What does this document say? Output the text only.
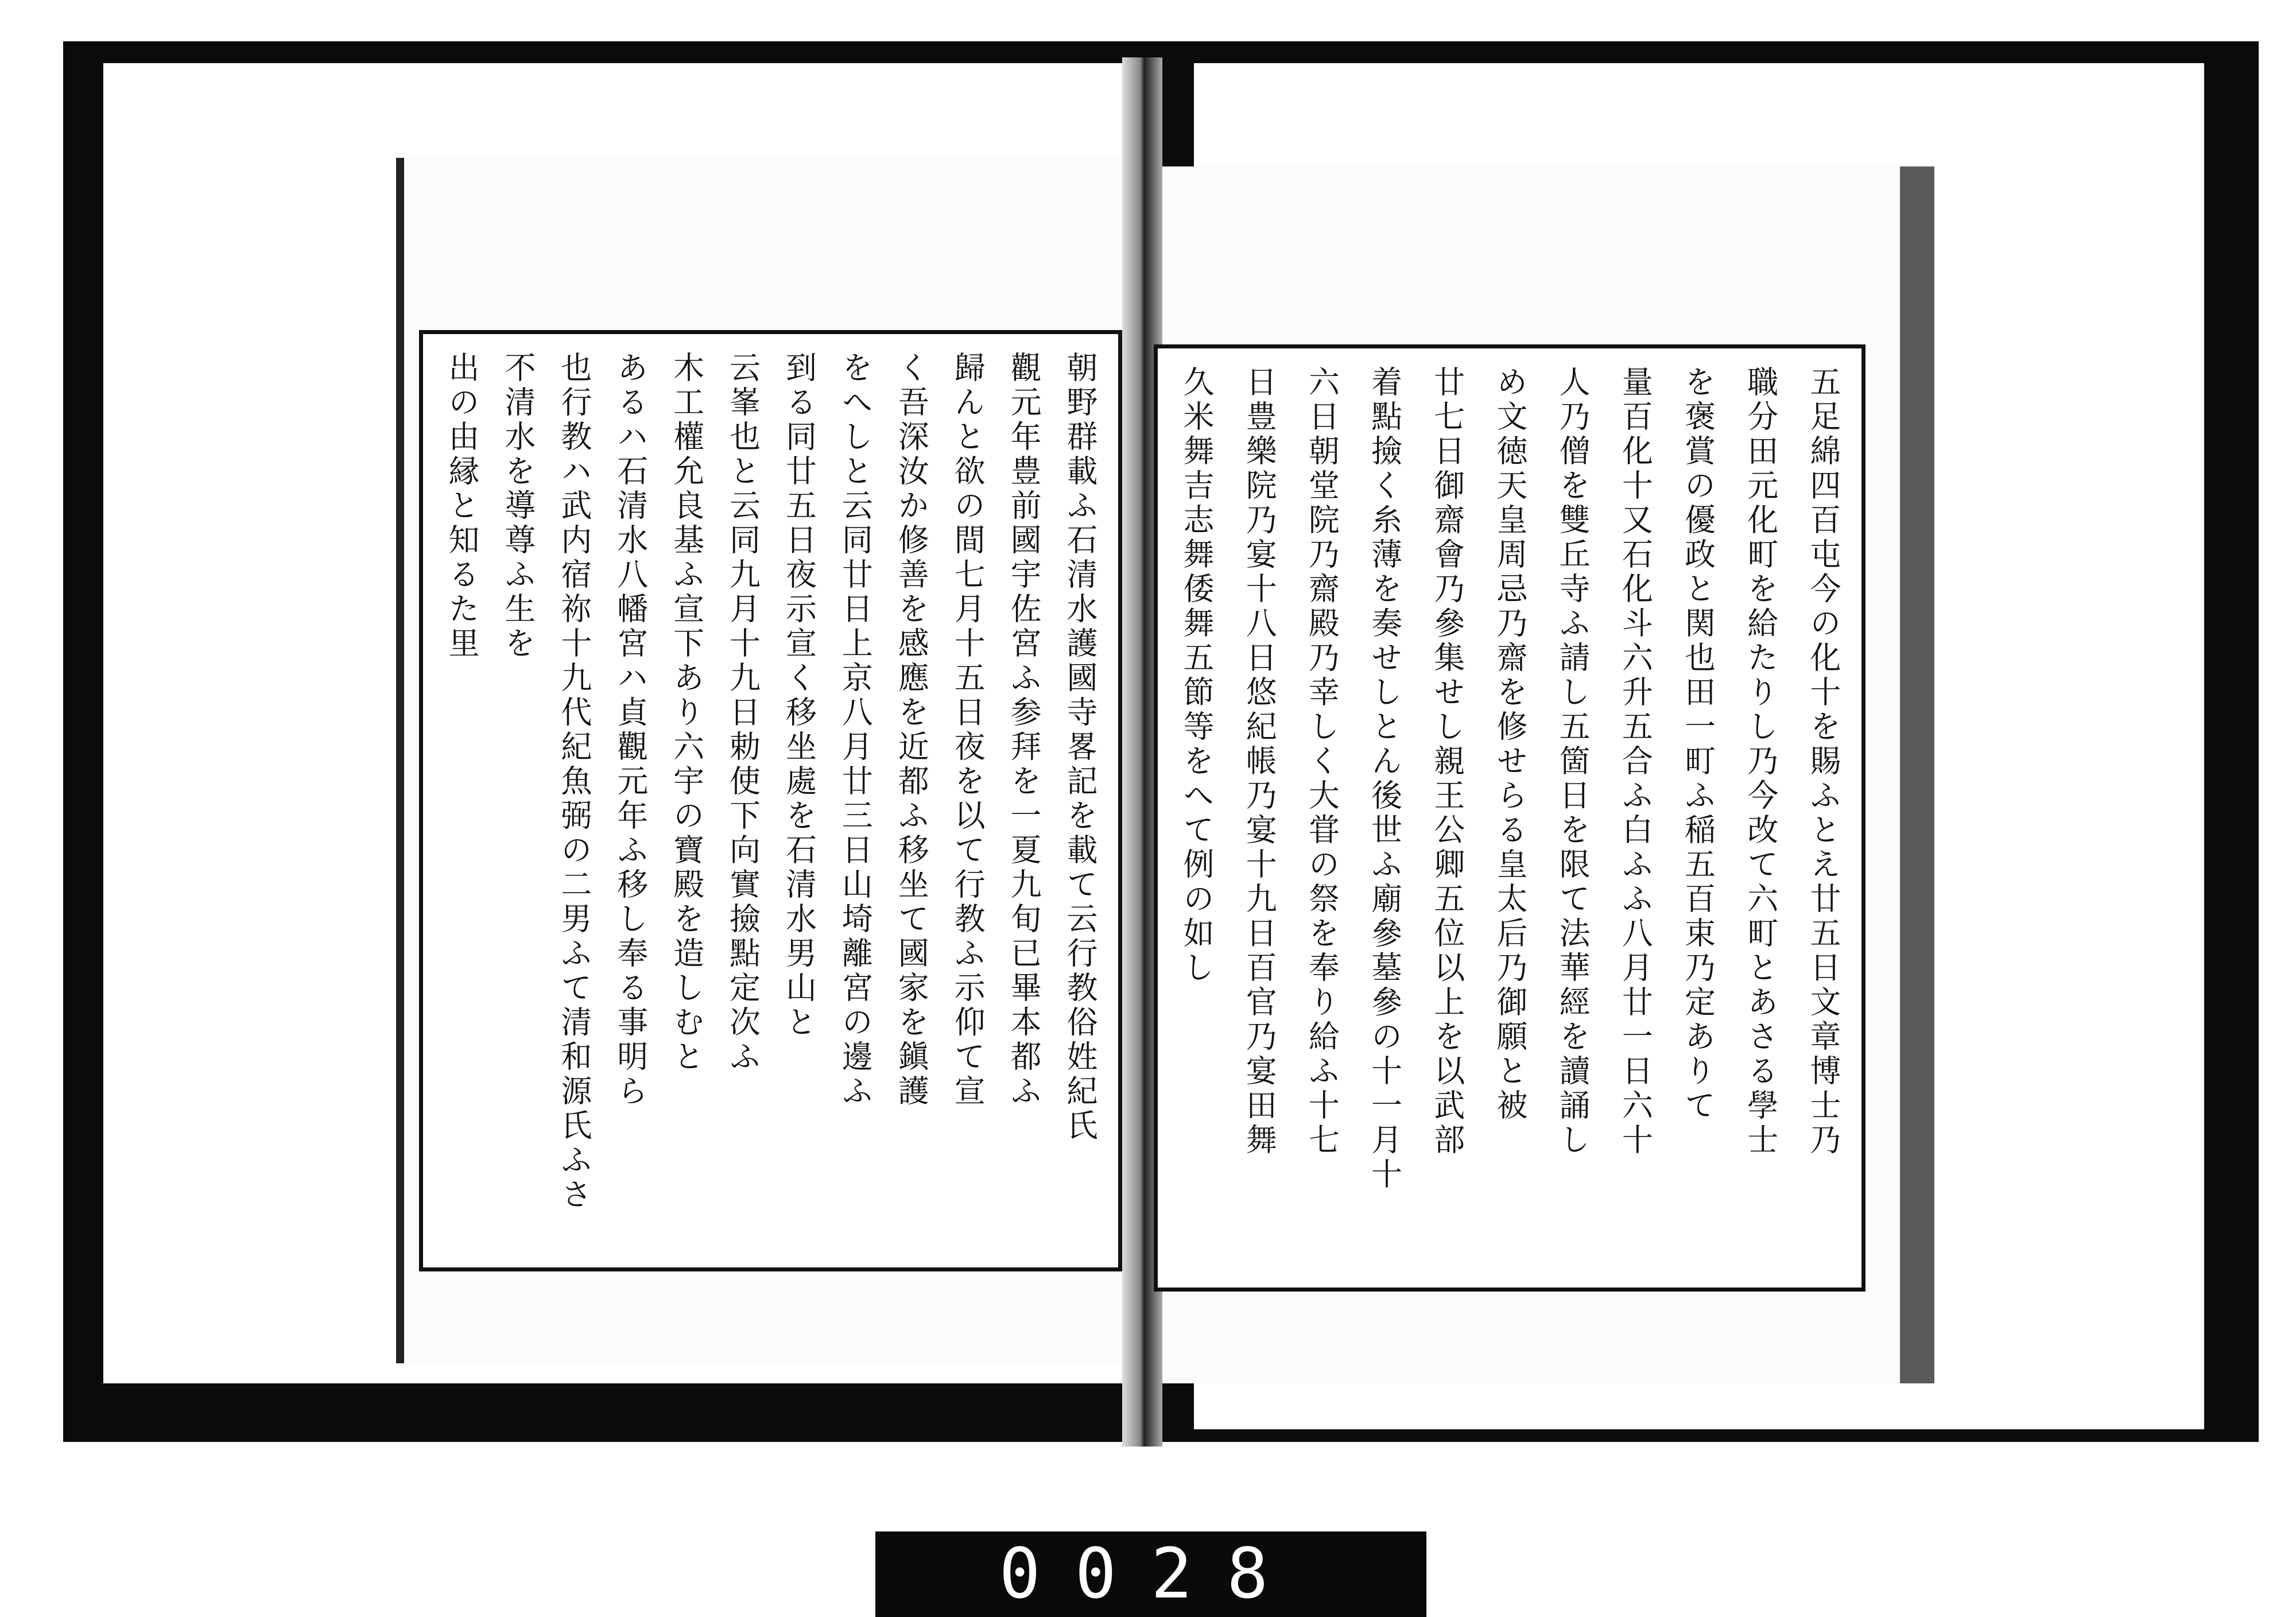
朝野群載ふ石清水護國寺畧記を載て云行教俗姓紀氏
觀元年豊前國宇佐宮ふ参拜を一夏九旬已畢本都ふ
歸んと欲の間七月十五日夜を以て行教ふ示仰て宣
く吾深汝か修善を感應を近都ふ移坐て國家を鎭護
をへしと云同廿日上京八月廿三日山埼離宮の邊ふ
到る同廿五日夜示宣く移坐處を石清水男山と
云峯也と云同九月十九日勅使下向實撿點定次ふ
木工權允良基ふ宣下あり六宇の寶殿を造しむと
あるハ石清水八幡宮ハ貞觀元年ふ移し奉る事明ら
也行教ハ武内宿祢十九代紀魚弼の二男ふて清和源氏ふさ
不清水を導尊ふ生を
出の由縁と知るた里	五足綿四百屯今の化十を賜ふとえ廿五日文章博士乃
職分田元化町を給たりし乃今改て六町とあさる學士
を褒賞の優政と関也田一町ふ稲五百束乃定ありて
量百化十又石化斗六升五合ふ白ふふ八月廿一日六十
人乃僧を雙丘寺ふ請し五箇日を限て法華經を讀誦し
め文徳天皇周忌乃齋を修せらる皇太后乃御願と被
廿七日御齋會乃參集せし親王公卿五位以上を以武部
着點撿く糸薄を奏せしとん後世ふ廟參墓參の十一月十
六日朝堂院乃齋殿乃幸しく大甞の祭を奉り給ふ十七
日豊樂院乃宴十八日悠紀帳乃宴十九日百官乃宴田舞
久米舞吉志舞倭舞五節等をへて例の如し
0028
